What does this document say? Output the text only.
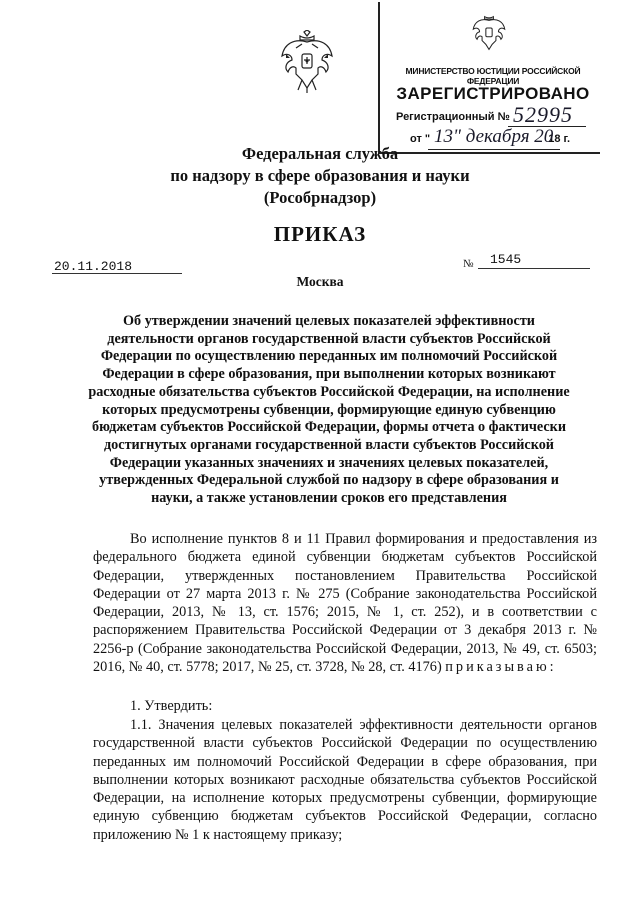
МИНИСТЕРСТВО ЮСТИЦИИ РОССИЙСКОЙ ФЕДЕРАЦИИ
ЗАРЕГИСТРИРОВАНО
Регистрационный № 52995
от "	18 г.
13" декабря 20
Федеральная служба
по надзору в сфере образования и науки
(Рособрнадзор)
ПРИКАЗ
20.11.2018	№ 1545
Москва
Об утверждении значений целевых показателей эффективности деятельности органов государственной власти субъектов Российской Федерации по осуществлению переданных им полномочий Российской Федерации в сфере образования, при выполнении которых возникают расходные обязательства субъектов Российской Федерации, на исполнение которых предусмотрены субвенции, формирующие единую субвенцию бюджетам субъектов Российской Федерации, формы отчета о фактически достигнутых органами государственной власти субъектов Российской Федерации указанных значениях и значениях целевых показателей, утвержденных Федеральной службой по надзору в сфере образования и науки, а также установлении сроков его представления
Во исполнение пунктов 8 и 11 Правил формирования и предоставления из федерального бюджета единой субвенции бюджетам субъектов Российской Федерации, утвержденных постановлением Правительства Российской Федерации от 27 марта 2013 г. № 275 (Собрание законодательства Российской Федерации, 2013, № 13, ст. 1576; 2015, № 1, ст. 252), и в соответствии с распоряжением Правительства Российской Федерации от 3 декабря 2013 г. № 2256-р (Собрание законодательства Российской Федерации, 2013, № 49, ст. 6503; 2016, № 40, ст. 5778; 2017, № 25, ст. 3728, № 28, ст. 4176) приказываю:
1. Утвердить:
1.1. Значения целевых показателей эффективности деятельности органов государственной власти субъектов Российской Федерации по осуществлению переданных им полномочий Российской Федерации в сфере образования, при выполнении которых возникают расходные обязательства субъектов Российской Федерации, на исполнение которых предусмотрены субвенции, формирующие единую субвенцию бюджетам субъектов Российской Федерации, согласно приложению № 1 к настоящему приказу;
